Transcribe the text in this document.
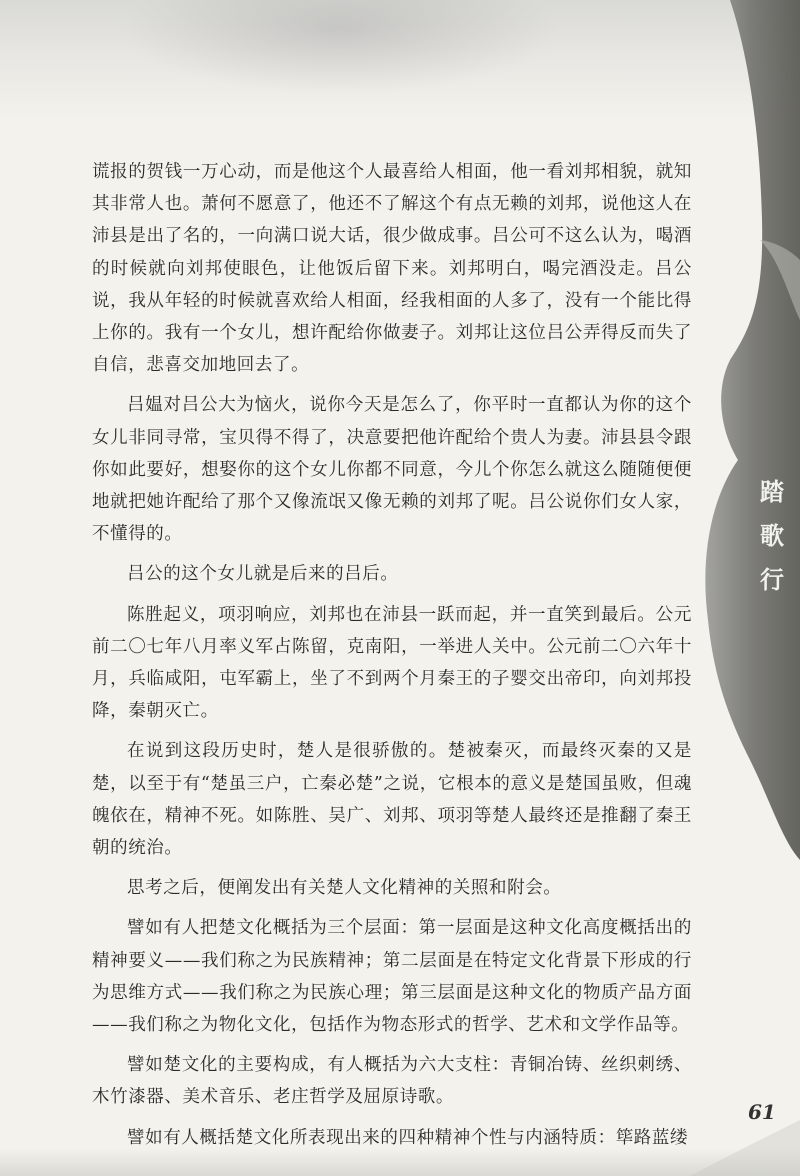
踏
歌
行

谎报的贺钱一万心动，而是他这个人最喜给人相面，他一看刘邦相貌，就知其非常人也。萧何不愿意了，他还不了解这个有点无赖的刘邦，说他这人在沛县是出了名的，一向满口说大话，很少做成事。吕公可不这么认为，喝酒的时候就向刘邦使眼色，让他饭后留下来。刘邦明白，喝完酒没走。吕公说，我从年轻的时候就喜欢给人相面，经我相面的人多了，没有一个能比得上你的。我有一个女儿，想许配给你做妻子。刘邦让这位吕公弄得反而失了自信，悲喜交加地回去了。

吕媪对吕公大为恼火，说你今天是怎么了，你平时一直都认为你的这个女儿非同寻常，宝贝得不得了，决意要把他许配给个贵人为妻。沛县县令跟你如此要好，想娶你的这个女儿你都不同意，今儿个你怎么就这么随随便便地就把她许配给了那个又像流氓又像无赖的刘邦了呢。吕公说你们女人家，不懂得的。

吕公的这个女儿就是后来的吕后。

陈胜起义，项羽响应，刘邦也在沛县一跃而起，并一直笑到最后。公元前二〇七年八月率义军占陈留，克南阳，一举进人关中。公元前二〇六年十月，兵临咸阳，屯军霸上，坐了不到两个月秦王的子婴交出帝印，向刘邦投降，秦朝灭亡。

在说到这段历史时，楚人是很骄傲的。楚被秦灭，而最终灭秦的又是楚，以至于有“楚虽三户，亡秦必楚”之说，它根本的意义是楚国虽败，但魂魄依在，精神不死。如陈胜、吴广、刘邦、项羽等楚人最终还是推翻了秦王朝的统治。

思考之后，便阐发出有关楚人文化精神的关照和附会。

譬如有人把楚文化概括为三个层面：第一层面是这种文化高度概括出的精神要义——我们称之为民族精神；第二层面是在特定文化背景下形成的行为思维方式——我们称之为民族心理；第三层面是这种文化的物质产品方面——我们称之为物化文化，包括作为物态形式的哲学、艺术和文学作品等。

譬如楚文化的主要构成，有人概括为六大支柱：青铜冶铸、丝织刺绣、木竹漆器、美术音乐、老庄哲学及屈原诗歌。

譬如有人概括楚文化所表现出来的四种精神个性与内涵特质：筚路蓝缕

61
